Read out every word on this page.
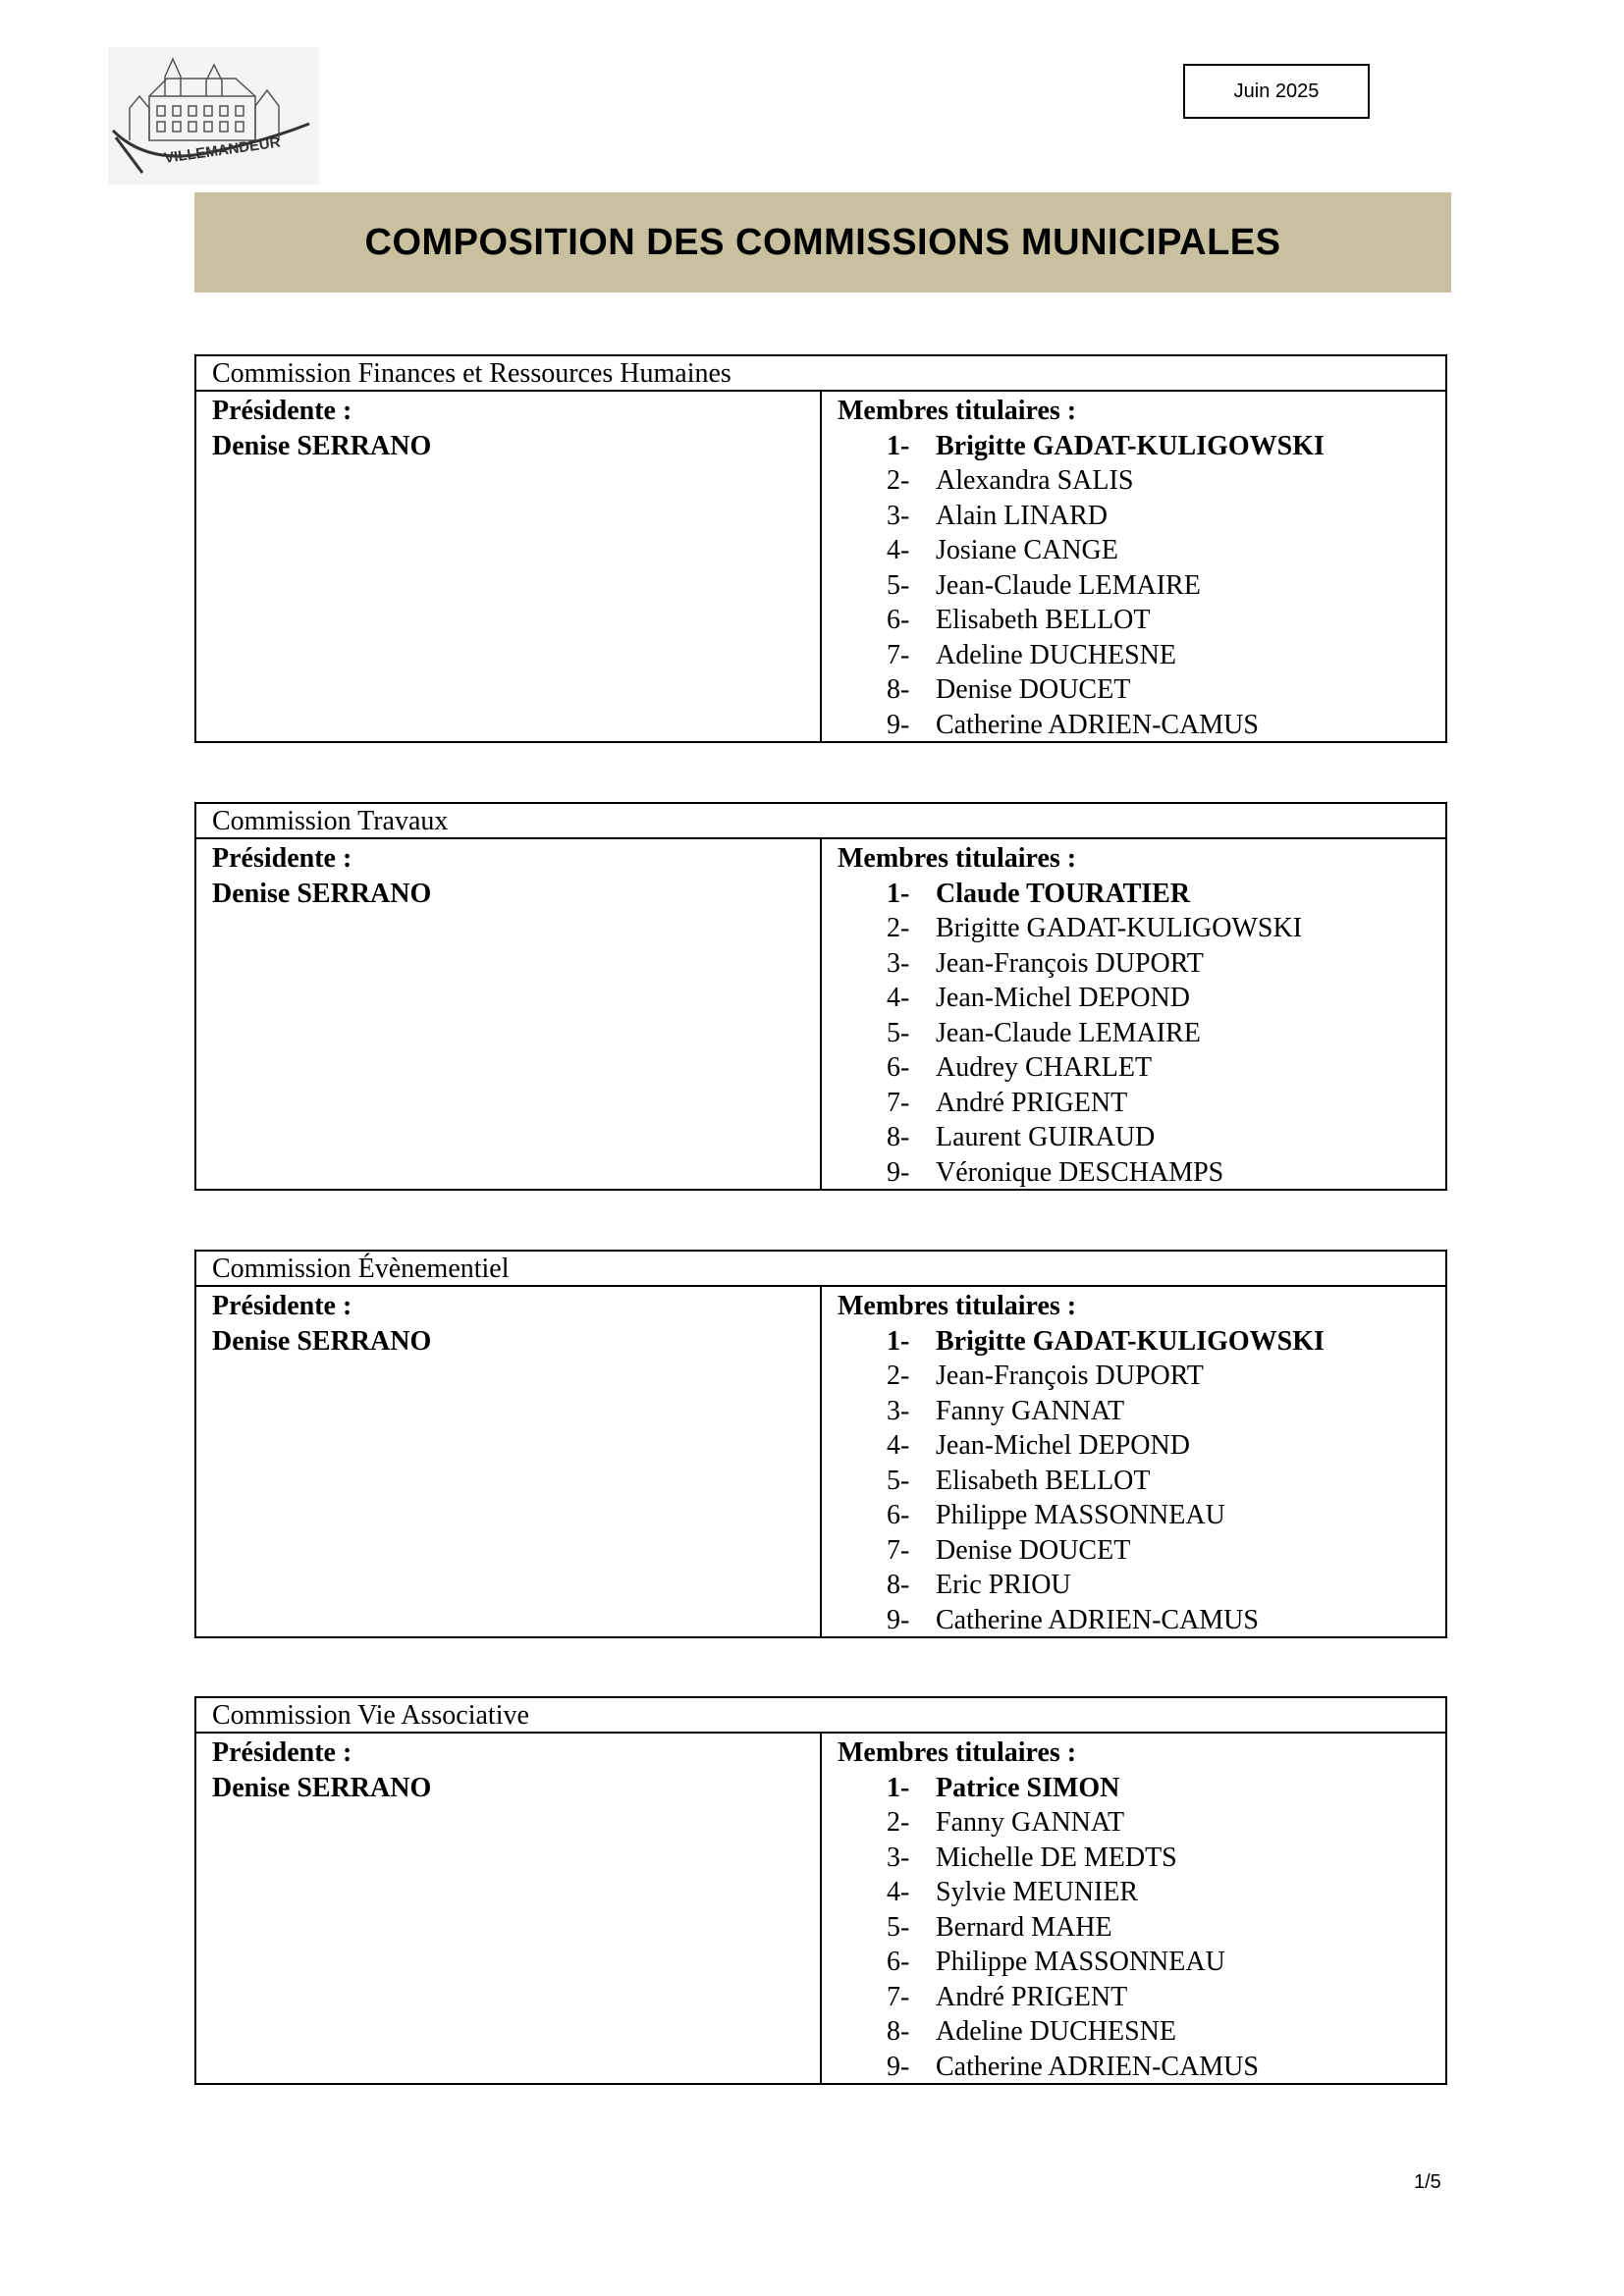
VILLEMANDEUR
Juin 2025
COMPOSITION DES COMMISSIONS MUNICIPALES
Commission Finances et Ressources Humaines
Présidente :
Denise SERRANO
Membres titulaires :
1- Brigitte GADAT-KULIGOWSKI
2- Alexandra SALIS
3- Alain LINARD
4- Josiane CANGE
5- Jean-Claude LEMAIRE
6- Elisabeth BELLOT
7- Adeline DUCHESNE
8- Denise DOUCET
9- Catherine ADRIEN-CAMUS
Commission Travaux
Présidente :
Denise SERRANO
Membres titulaires :
1- Claude TOURATIER
2- Brigitte GADAT-KULIGOWSKI
3- Jean-François DUPORT
4- Jean-Michel DEPOND
5- Jean-Claude LEMAIRE
6- Audrey CHARLET
7- André PRIGENT
8- Laurent GUIRAUD
9- Véronique DESCHAMPS
Commission Évènementiel
Présidente :
Denise SERRANO
Membres titulaires :
1- Brigitte GADAT-KULIGOWSKI
2- Jean-François DUPORT
3- Fanny GANNAT
4- Jean-Michel DEPOND
5- Elisabeth BELLOT
6- Philippe MASSONNEAU
7- Denise DOUCET
8- Eric PRIOU
9- Catherine ADRIEN-CAMUS
Commission Vie Associative
Présidente :
Denise SERRANO
Membres titulaires :
1- Patrice SIMON
2- Fanny GANNAT
3- Michelle DE MEDTS
4- Sylvie MEUNIER
5- Bernard MAHE
6- Philippe MASSONNEAU
7- André PRIGENT
8- Adeline DUCHESNE
9- Catherine ADRIEN-CAMUS
1/5
